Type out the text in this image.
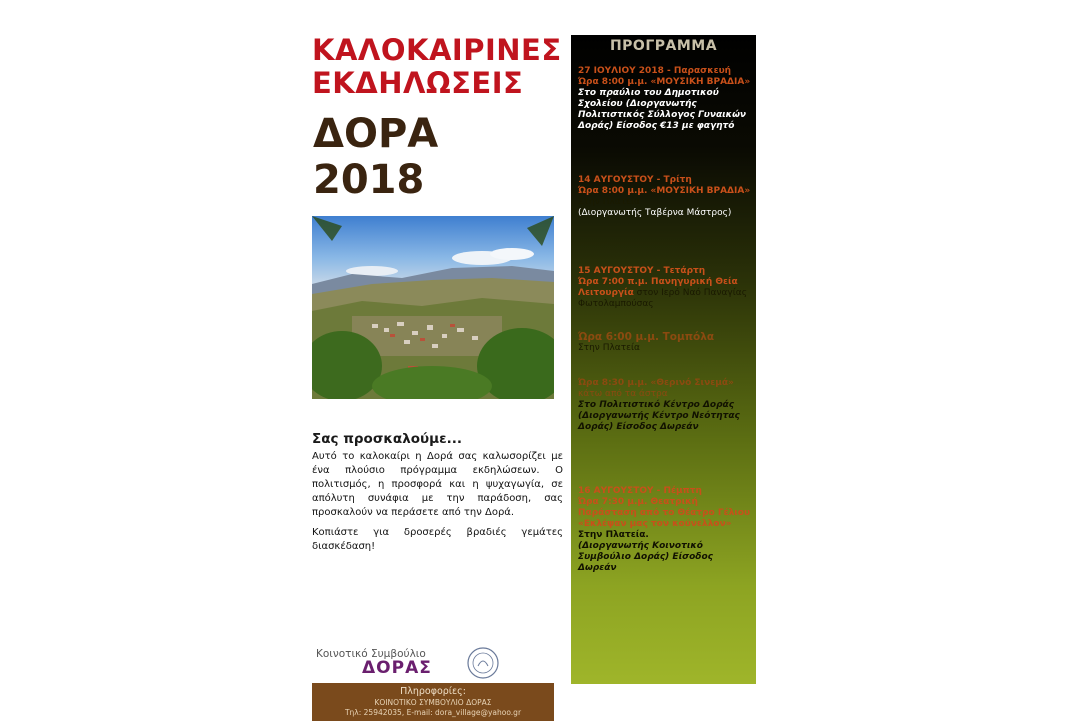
ΚΑΛΟΚΑΙΡΙΝΕΣ
ΕΚΔΗΛΩΣΕΙΣ
ΔΟΡΑ
2018
Σας προσκαλούμε...

Αυτό το καλοκαίρι η Δορά σας καλωσορίζει με ένα πλούσιο πρόγραμμα εκδηλώσεων. Ο πολιτισμός, η προσφορά και η ψυχαγωγία, σε απόλυτη συνάφια με την παράδοση, σας προσκαλούν να περάσετε από την Δορά.

Κοπιάστε για δροσερές βραδιές γεμάτες διασκέδαση!

Κοινοτικό Συμβούλιο
ΔΟΡΑΣ
Πληροφορίες:
ΚΟΙΝΟΤΙΚΟ ΣΥΜΒΟΥΛΙΟ ΔΟΡΑΣ
Τηλ: 25942035, E-mail: dora_village@yahoo.gr
ΠΡΟΓΡΑΜΜΑ
27 ΙΟΥΛΙΟΥ 2018 - Παρασκευή
Ώρα 8:00 μ.μ. «ΜΟΥΣΙΚΗ ΒΡΑΔΙΑ»
Στο πραύλιο του Δημοτικού Σχολείου (Διοργανωτής Πολιτιστικός Σύλλογος Γυναικών Δοράς) Είσοδος €13 με φαγητό
14 ΑΥΓΟΥΣΤΟΥ - Τρίτη
Ώρα 8:00 μ.μ. «ΜΟΥΣΙΚΗ ΒΡΑΔΙΑ»
Στην Πλατεία
(Διοργανωτής Ταβέρνα Μάστρος)
15 ΑΥΓΟΥΣΤΟΥ - Τετάρτη
Ώρα 7:00 π.μ. Πανηγυρική Θεία Λειτουργία στον Ιερό Ναό Παναγίας Φωτολαμπούσας
Ώρα 6:00 μ.μ. Τομπόλα
Στην Πλατεία
Ώρα 8:30 μ.μ. «Θερινό Σινεμά»
κάτω από τα άστρα
Στο Πολιτιστικό Κέντρο Δοράς (Διοργανωτής Κέντρο Νεότητας Δοράς) Είσοδος Δωρεάν
16 ΑΥΓΟΥΣΤΟΥ - Πέμπτη
Ώρα 7:30 μ.μ. Θεατρική Παράσταση από το Θέατρο Γέλιου «Εκλέψαν μας τον κούνελλον»
Στην Πλατεία.
(Διοργανωτής Κοινοτικό Συμβούλιο Δοράς) Είσοδος Δωρεάν
